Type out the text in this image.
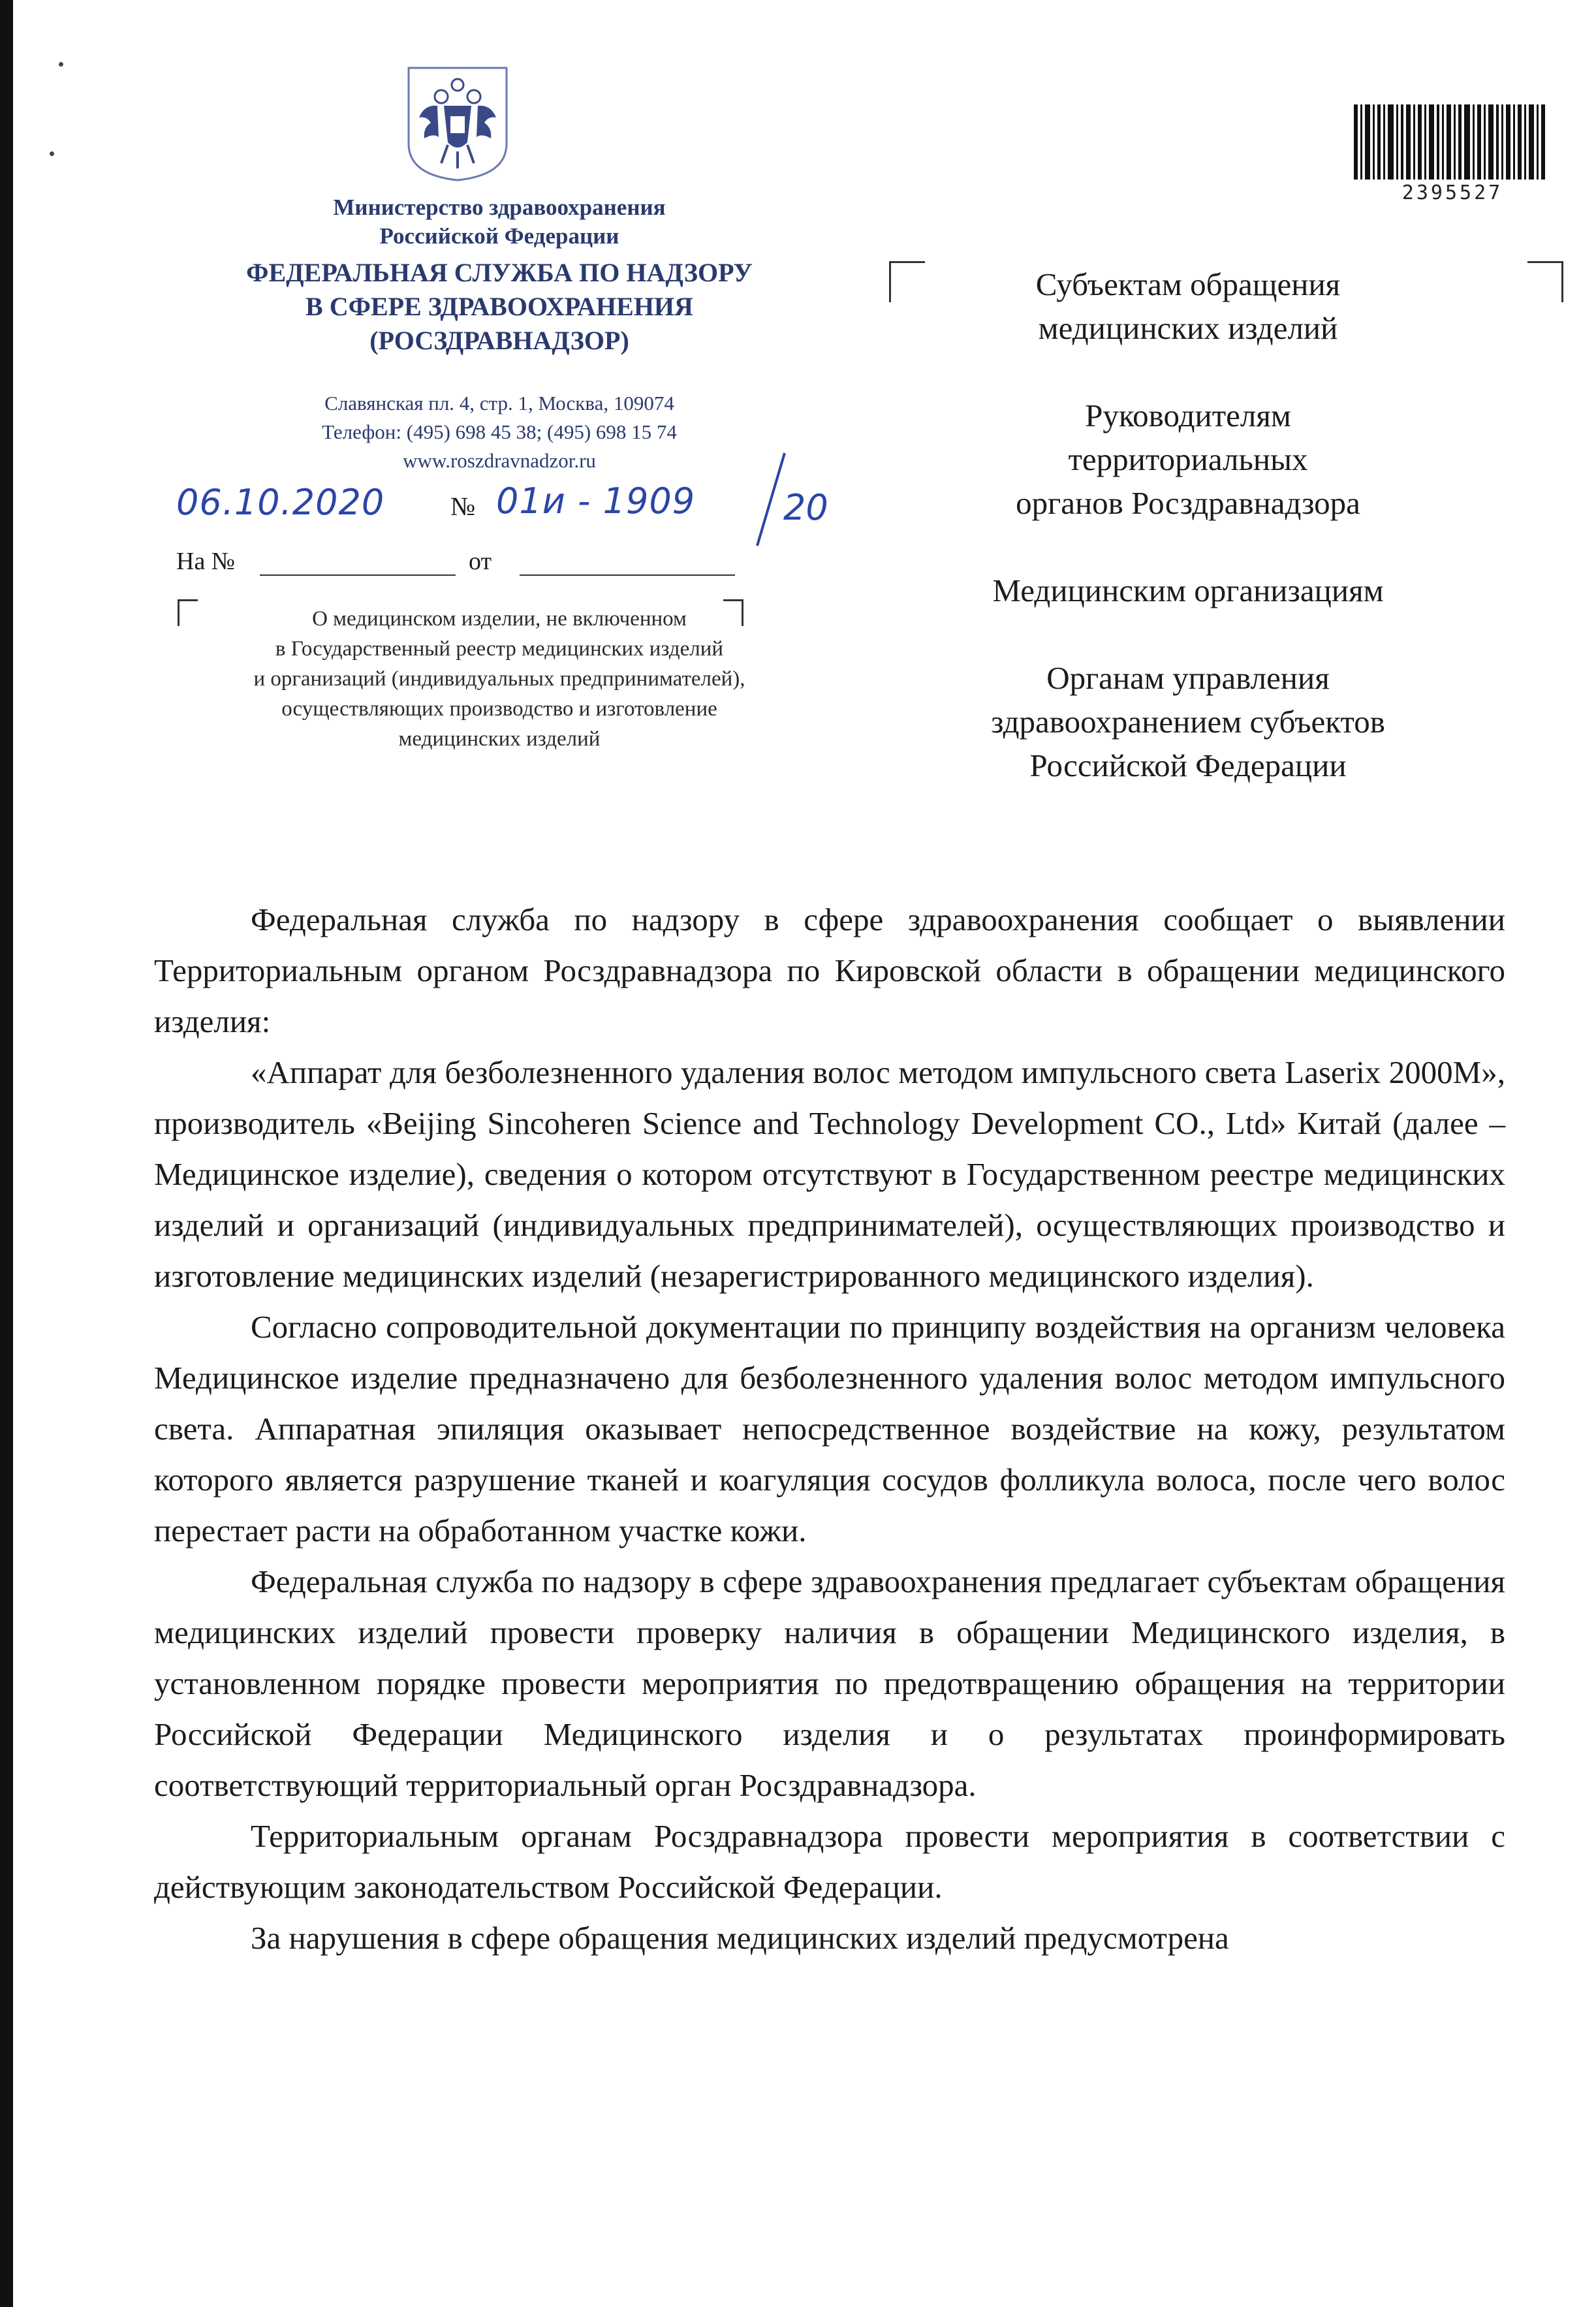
Министерство здравоохранения
Российской Федерации
ФЕДЕРАЛЬНАЯ СЛУЖБА ПО НАДЗОРУ
В СФЕРЕ ЗДРАВООХРАНЕНИЯ
(РОСЗДРАВНАДЗОР)
Славянская пл. 4, стр. 1, Москва, 109074
Телефон: (495) 698 45 38; (495) 698 15 74
www.roszdravnadzor.ru
06.10.2020	№ 01и - 1909 20
На №	от
О медицинском изделии, не включенном
в Государственный реестр медицинских изделий
и организаций (индивидуальных предпринимателей),
осуществляющих производство и изготовление
медицинских изделий
2395527
Субъектам обращения
медицинских изделий
Руководителям
территориальных
органов Росздравнадзора
Медицинским организациям
Органам управления
здравоохранением субъектов
Российской Федерации

Федеральная служба по надзору в сфере здравоохранения сообщает о выявлении Территориальным органом Росздравнадзора по Кировской области в обращении медицинского изделия:

«Аппарат для безболезненного удаления волос методом импульсного света Laserix 2000M», производитель «Beijing Sincoheren Science and Technology Development CO., Ltd» Китай (далее – Медицинское изделие), сведения о котором отсутствуют в Государственном реестре медицинских изделий и организаций (индивидуальных предпринимателей), осуществляющих производство и изготовление медицинских изделий (незарегистрированного медицинского изделия).

Согласно сопроводительной документации по принципу воздействия на организм человека Медицинское изделие предназначено для безболезненного удаления волос методом импульсного света. Аппаратная эпиляция оказывает непосредственное воздействие на кожу, результатом которого является разрушение тканей и коагуляция сосудов фолликула волоса, после чего волос перестает расти на обработанном участке кожи.

Федеральная служба по надзору в сфере здравоохранения предлагает субъектам обращения медицинских изделий провести проверку наличия в обращении Медицинского изделия, в установленном порядке провести мероприятия по предотвращению обращения на территории Российской Федерации Медицинского изделия и о результатах проинформировать соответствующий территориальный орган Росздравнадзора.

Территориальным органам Росздравнадзора провести мероприятия в соответствии с действующим законодательством Российской Федерации.

За нарушения в сфере обращения медицинских изделий предусмотрена
